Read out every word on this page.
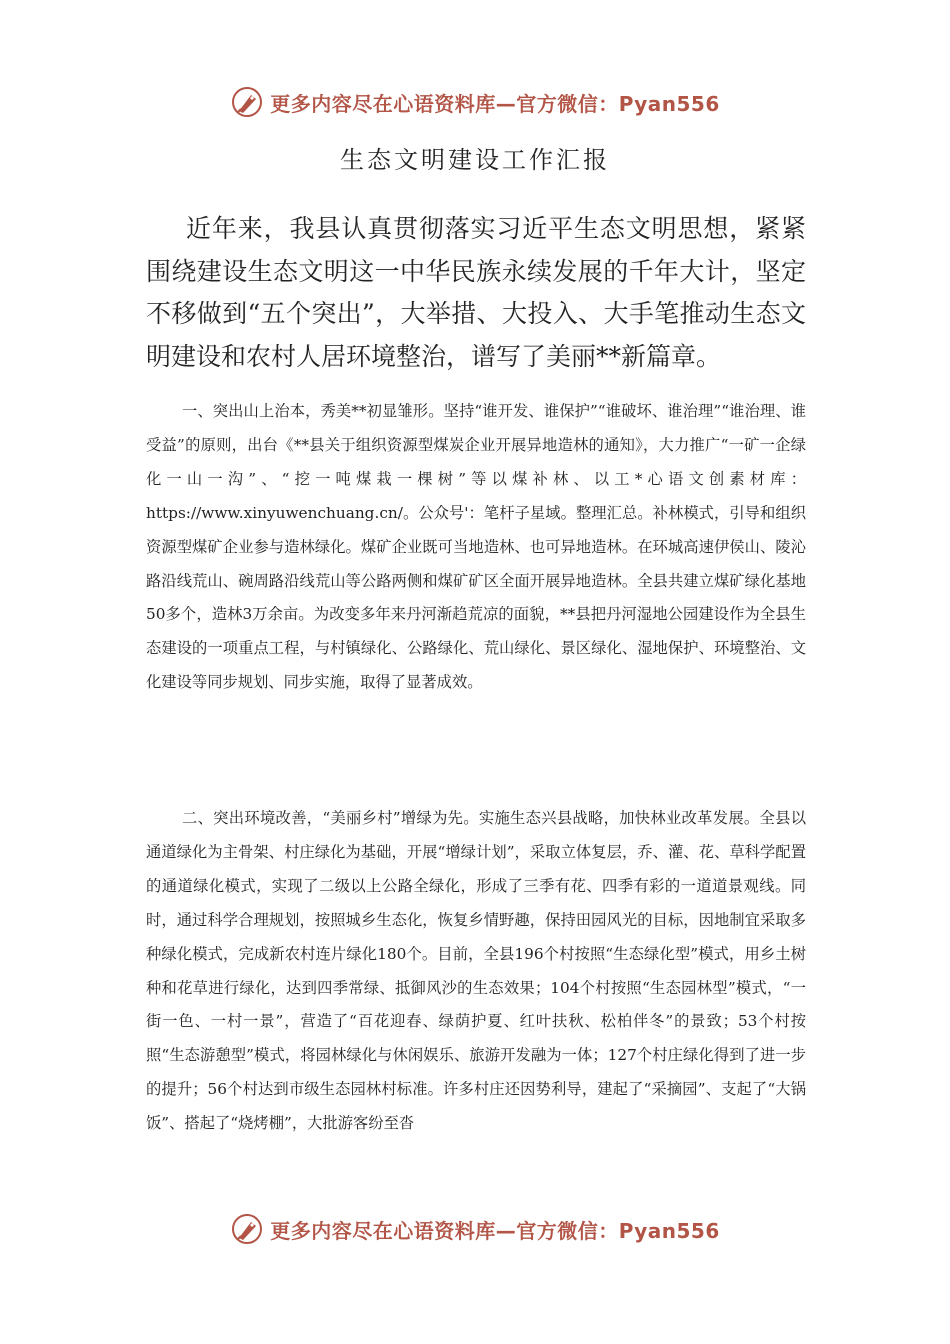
更多内容尽在心语资料库—官方微信：Pyan556
生态文明建设工作汇报

近年来，我县认真贯彻落实习近平生态文明思想，紧紧围绕建设生态文明这一中华民族永续发展的千年大计，坚定不移做到“五个突出”，大举措、大投入、大手笔推动生态文明建设和农村人居环境整治，谱写了美丽**新篇章。

一、突出山上治本，秀美**初显雏形。坚持“谁开发、谁保护”“谁破坏、谁治理”“谁治理、谁受益”的原则，出台《**县关于组织资源型煤炭企业开展异地造林的通知》，大力推广“一矿一企绿化一山一沟”、“挖一吨煤栽一棵树”等以煤补林、以工*心语文创素材库：https://www.xinyuwenchuang.cn/。公众号'：笔杆子星域。整理汇总。补林模式，引导和组织资源型煤矿企业参与造林绿化。煤矿企业既可当地造林、也可异地造林。在环城高速伊侯山、陵沁路沿线荒山、碗周路沿线荒山等公路两侧和煤矿矿区全面开展异地造林。全县共建立煤矿绿化基地50多个，造林3万余亩。为改变多年来丹河渐趋荒凉的面貌，**县把丹河湿地公园建设作为全县生态建设的一项重点工程，与村镇绿化、公路绿化、荒山绿化、景区绿化、湿地保护、环境整治、文化建设等同步规划、同步实施，取得了显著成效。

二、突出环境改善，“美丽乡村”增绿为先。实施生态兴县战略，加快林业改革发展。全县以通道绿化为主骨架、村庄绿化为基础，开展“增绿计划”，采取立体复层，乔、灌、花、草科学配置的通道绿化模式，实现了二级以上公路全绿化，形成了三季有花、四季有彩的一道道景观线。同时，通过科学合理规划，按照城乡生态化，恢复乡情野趣，保持田园风光的目标，因地制宜采取多种绿化模式，完成新农村连片绿化180个。目前，全县196个村按照“生态绿化型”模式，用乡土树种和花草进行绿化，达到四季常绿、抵御风沙的生态效果；104个村按照“生态园林型”模式，“一街一色、一村一景”，营造了“百花迎春、绿荫护夏、红叶扶秋、松柏伴冬”的景致；53个村按照“生态游憩型”模式，将园林绿化与休闲娱乐、旅游开发融为一体；127个村庄绿化得到了进一步的提升；56个村达到市级生态园林村标准。许多村庄还因势利导，建起了“采摘园”、支起了“大锅饭”、搭起了“烧烤棚”，大批游客纷至沓

更多内容尽在心语资料库—官方微信：Pyan556
